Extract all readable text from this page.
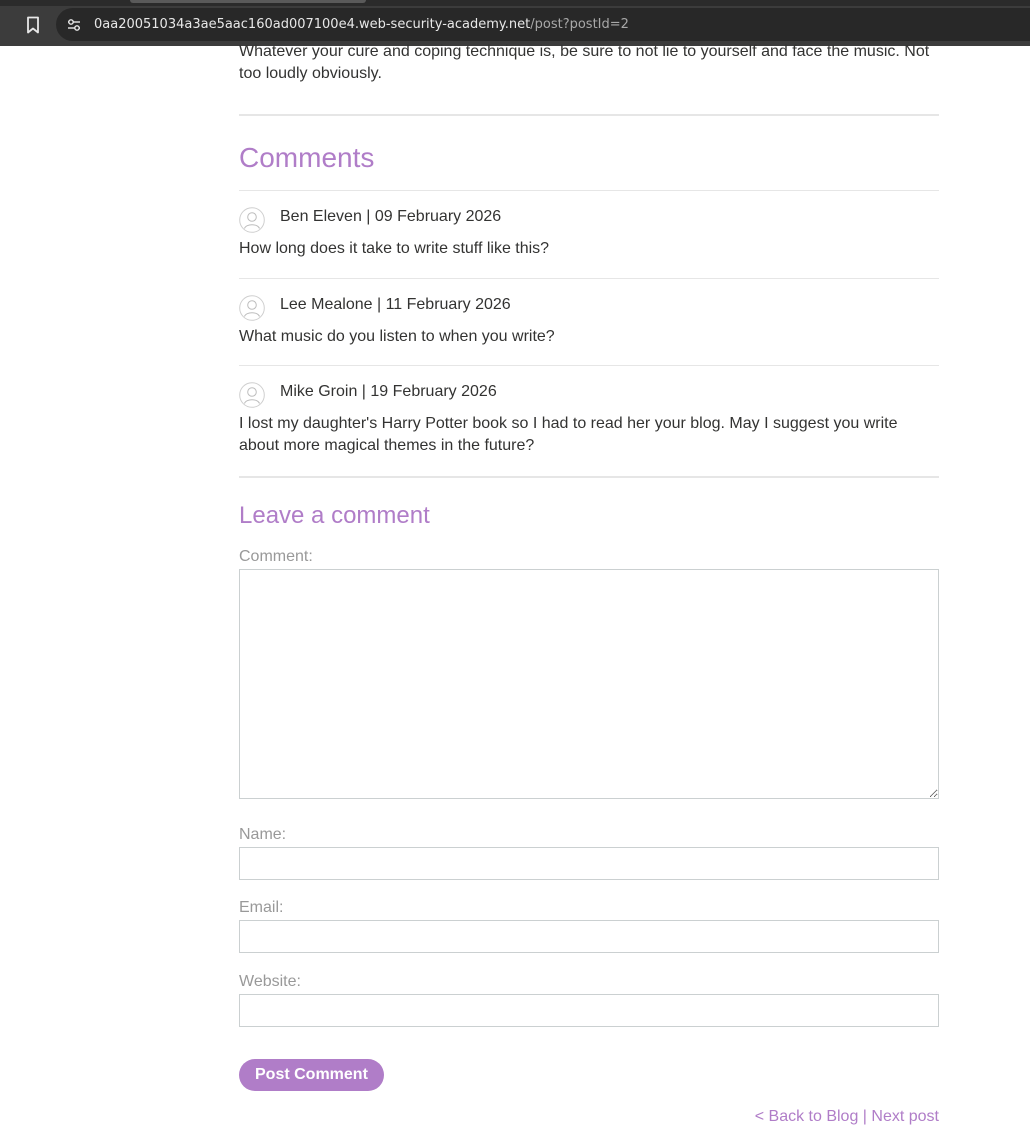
0aa20051034a3ae5aac160ad007100e4.web-security-academy.net/post?postId=2

Whatever your cure and coping technique is, be sure to not lie to yourself and face the music. Not too loudly obviously.

Comments
Ben Eleven | 09 February 2026

How long does it take to write stuff like this?

Lee Mealone | 11 February 2026

What music do you listen to when you write?

Mike Groin | 19 February 2026

I lost my daughter's Harry Potter book so I had to read her your blog. May I suggest you write about more magical themes in the future?

Leave a comment
Comment:
Name:
Email:
Website:
Post Comment
< Back to Blog | Next post
